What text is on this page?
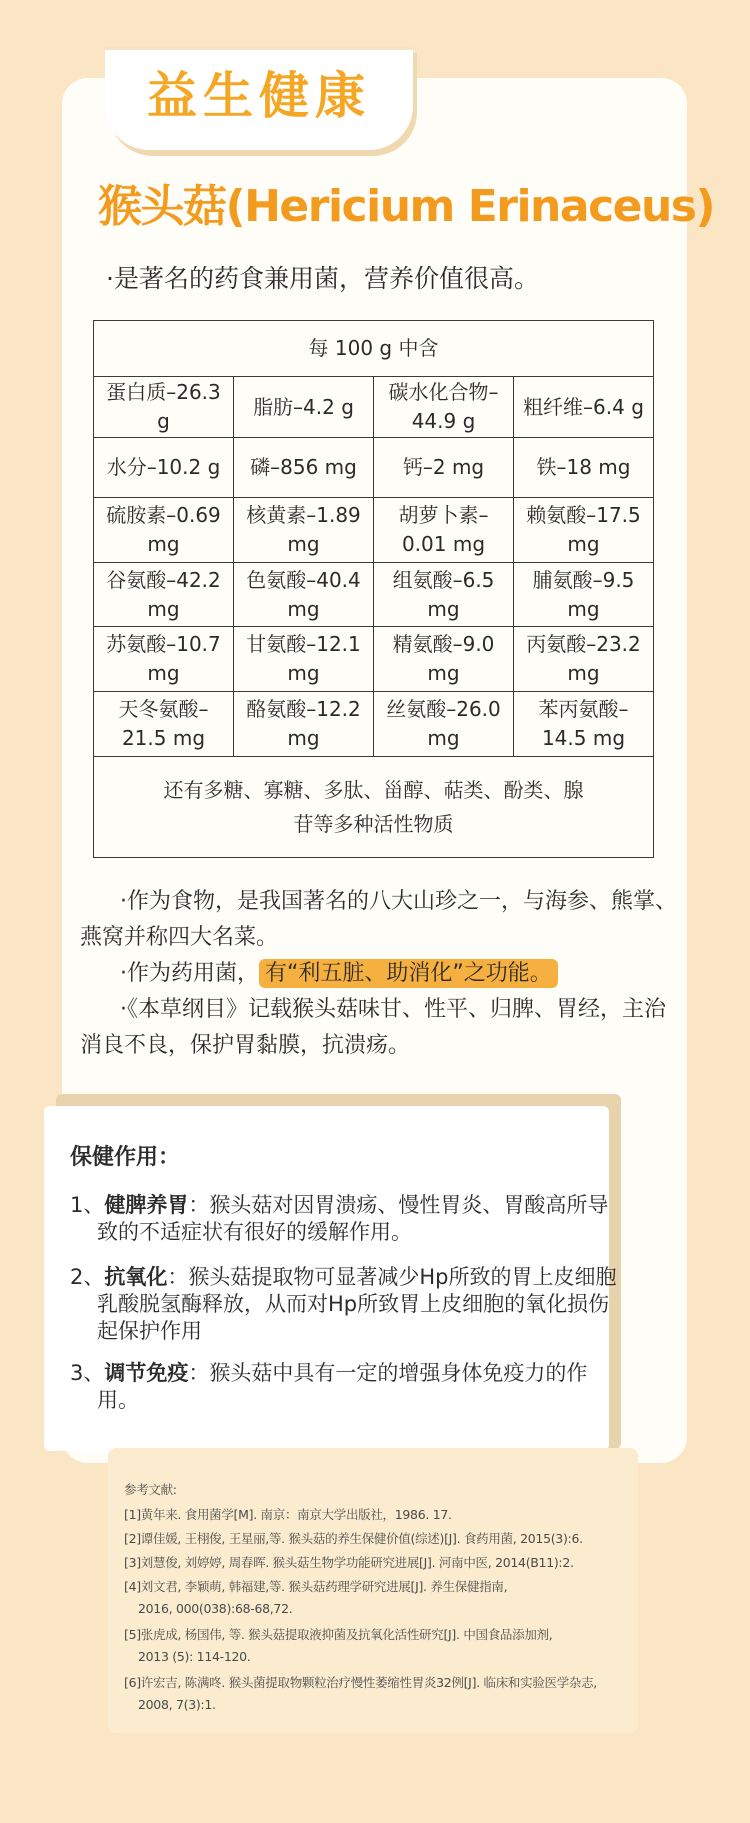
益生健康
猴头菇(Hericium Erinaceus)
·是著名的药食兼用菌，营养价值很高。
每 100 g 中含			
蛋白质–26.3 g	脂肪–4.2 g	碳水化合物–44.9 g	粗纤维–6.4 g
水分–10.2 g	磷–856 mg	钙–2 mg	铁–18 mg
硫胺素–0.69 mg	核黄素–1.89 mg	胡萝卜素–0.01 mg	赖氨酸–17.5 mg
谷氨酸–42.2 mg	色氨酸–40.4 mg	组氨酸–6.5 mg	脯氨酸–9.5 mg
苏氨酸–10.7 mg	甘氨酸–12.1 mg	精氨酸–9.0 mg	丙氨酸–23.2 mg
天冬氨酸–21.5 mg	酪氨酸–12.2 mg	丝氨酸–26.0 mg	苯丙氨酸–14.5 mg
还有多糖、寡糖、多肽、甾醇、萜类、酚类、腺苷等多种活性物质			
·作为食物，是我国著名的八大山珍之一，与海参、熊掌、燕窝并称四大名菜。
·作为药用菌， 有“利五脏、助消化”之功能。
·《本草纲目》记载猴头菇味甘、性平、归脾、胃经，主治消良不良，保护胃黏膜，抗溃疡。
保健作用：
1、健脾养胃：猴头菇对因胃溃疡、慢性胃炎、胃酸高所导致的不适症状有很好的缓解作用。
2、抗氧化：猴头菇提取物可显著减少Hp所致的胃上皮细胞乳酸脱氢酶释放，从而对Hp所致胃上皮细胞的氧化损伤起保护作用
3、调节免疫：猴头菇中具有一定的增强身体免疫力的作用。
参考文献:
[1]黄年来. 食用菌学[M]. 南京：南京大学出版社，1986. 17.
[2]谭佳媛, 王栩俊, 王星丽,等. 猴头菇的养生保健价值(综述)[J]. 食药用菌, 2015(3):6.
[3]刘慧俊, 刘婷婷, 周春晖. 猴头菇生物学功能研究进展[J]. 河南中医, 2014(B11):2.
[4]刘文君, 李颖萌, 韩福建,等. 猴头菇药理学研究进展[J]. 养生保健指南,
2016, 000(038):68-68,72.
[5]张虎成, 杨国伟, 等. 猴头菇提取液抑菌及抗氧化活性研究[J]. 中国食品添加剂,
2013 (5): 114-120.
[6]许宏吉, 陈满咚. 猴头菌提取物颗粒治疗慢性萎缩性胃炎32例[J]. 临床和实验医学杂志,
2008, 7(3):1.
